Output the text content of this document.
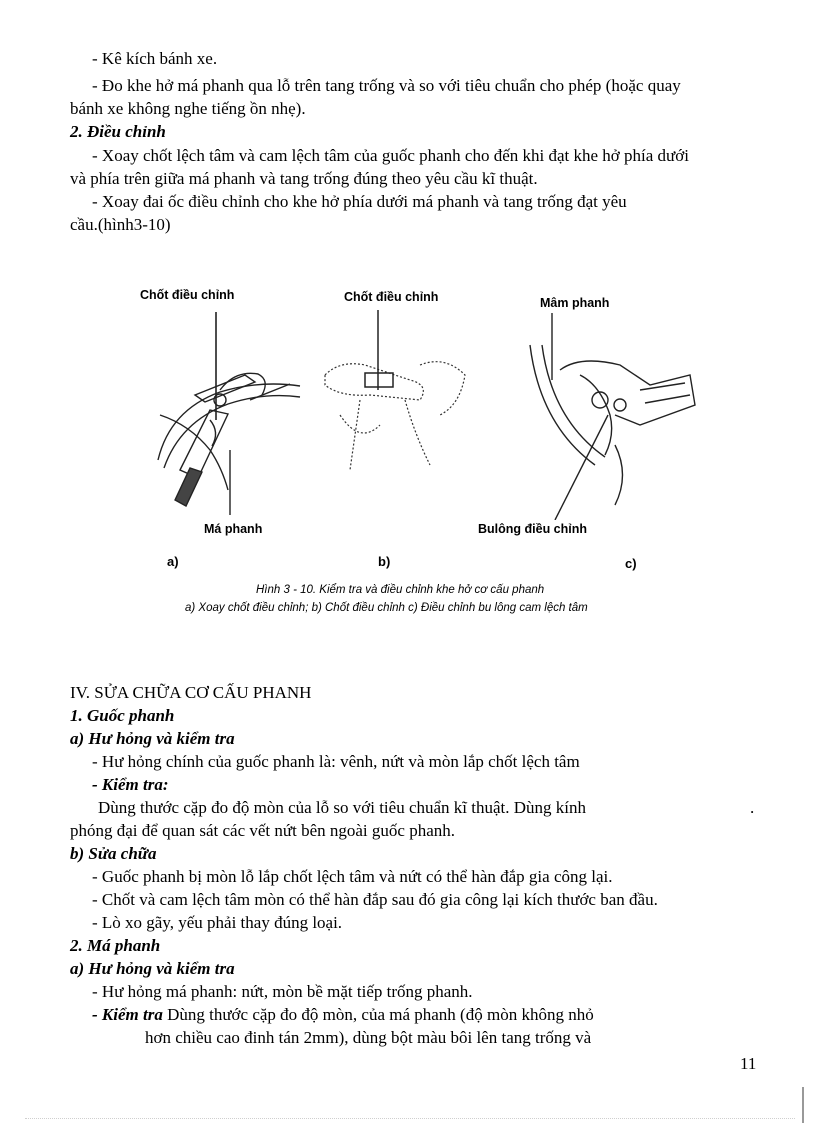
- Kê kích bánh xe.
- Đo khe hở má phanh qua lỗ trên tang trống và so với tiêu chuẩn cho phép (hoặc quay
bánh xe không nghe tiếng ồn nhẹ).
2. Điều chỉnh
- Xoay chốt lệch tâm và cam lệch tâm của guốc phanh cho đến khi đạt khe hở phía dưới
và phía trên giữa má phanh và tang trống đúng theo yêu cầu kĩ thuật.
- Xoay đai ốc điều chỉnh cho khe hở phía dưới má phanh và tang trống đạt yêu
cầu.(hình3-10)
Chốt điều chỉnh	Chốt điều chỉnh	Mâm phanh
Má phanh	Bulông điều chỉnh
a)	b)	c)
Hình 3 - 10. Kiểm tra và điều chỉnh khe hở cơ cấu phanh
a) Xoay chốt điều chỉnh; b) Chốt điều chỉnh c) Điều chỉnh bu lông cam lệch tâm
IV. SỬA CHỮA CƠ CẤU PHANH
1. Guốc phanh
a) Hư hỏng và kiểm tra
- Hư hỏng chính của guốc phanh là: vênh, nứt và mòn lắp chốt lệch tâm
- Kiểm tra:
Dùng thước cặp đo độ mòn của lỗ so với tiêu chuẩn kĩ thuật. Dùng kính	.
phóng đại để quan sát các vết nứt bên ngoài guốc phanh.
b) Sửa chữa
- Guốc phanh bị mòn lỗ lắp chốt lệch tâm và nứt có thể hàn đắp gia công lại.
- Chốt và cam lệch tâm mòn có thể hàn đắp sau đó gia công lại kích thước ban đầu.
- Lò xo gãy, yếu phải thay đúng loại.
2. Má phanh
a) Hư hỏng và kiểm tra
- Hư hỏng má phanh: nứt, mòn bề mặt tiếp trống phanh.
- Kiểm tra Dùng thước cặp đo độ mòn, của má phanh (độ mòn không nhỏ
hơn chiều cao đinh tán 2mm), dùng bột màu bôi lên tang trống và
11
